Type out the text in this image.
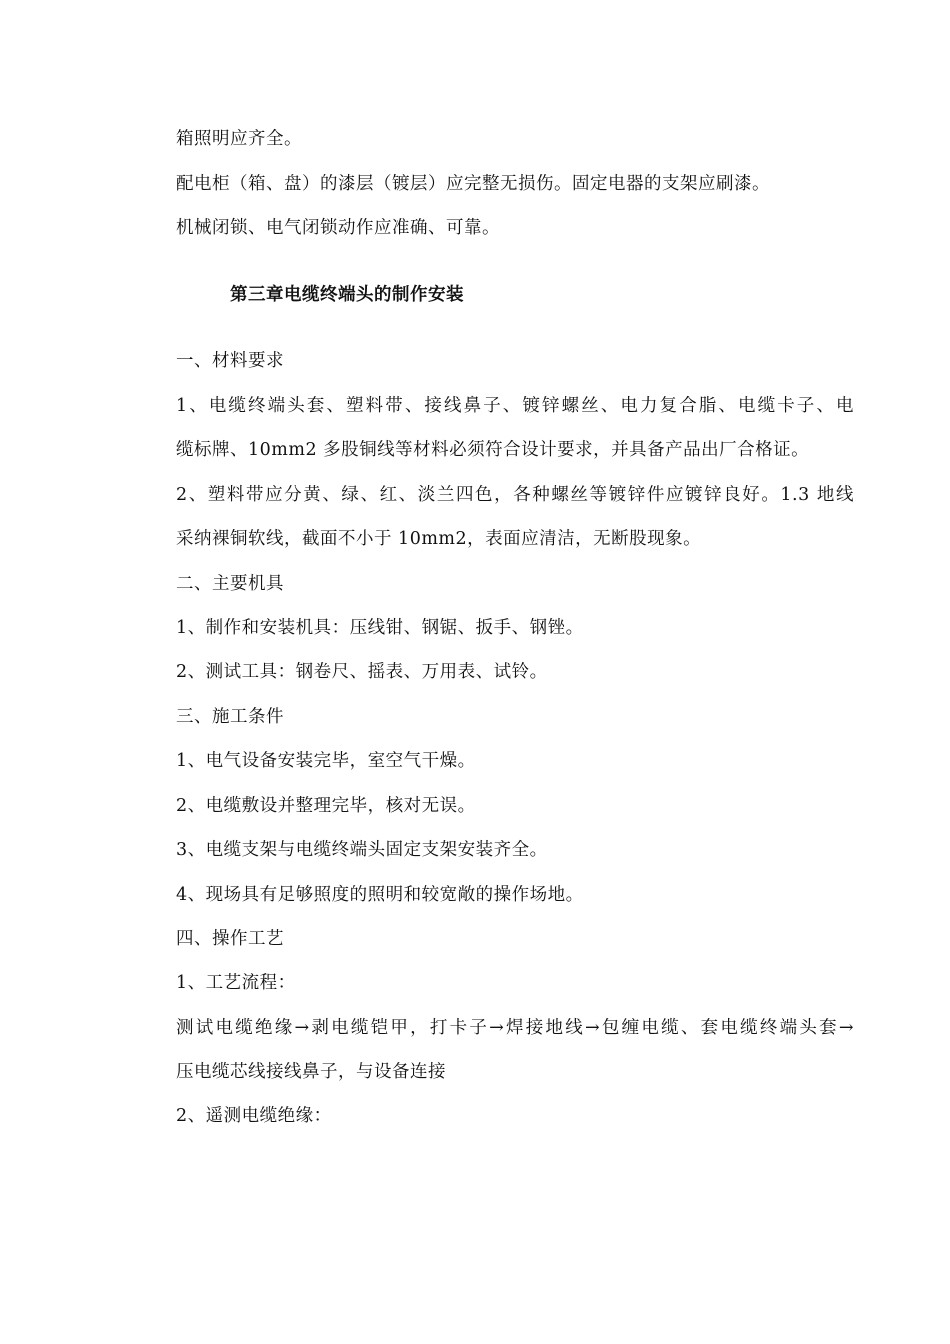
箱照明应齐全。
配电柜（箱、盘）的漆层（镀层）应完整无损伤。固定电器的支架应刷漆。
机械闭锁、电气闭锁动作应准确、可靠。
第三章电缆终端头的制作安装
一、材料要求
1、电缆终端头套、塑料带、接线鼻子、镀锌螺丝、电力复合脂、电缆卡子、电
缆标牌、10mm2 多股铜线等材料必须符合设计要求，并具备产品出厂合格证。
2、塑料带应分黄、绿、红、淡兰四色，各种螺丝等镀锌件应镀锌良好。1.3 地线
采纳裸铜软线，截面不小于 10mm2，表面应清洁，无断股现象。
二、主要机具
1、制作和安装机具：压线钳、钢锯、扳手、钢锉。
2、测试工具：钢卷尺、摇表、万用表、试铃。
三、施工条件
1、电气设备安装完毕，室空气干燥。
2、电缆敷设并整理完毕，核对无误。
3、电缆支架与电缆终端头固定支架安装齐全。
4、现场具有足够照度的照明和较宽敞的操作场地。
四、操作工艺
1、工艺流程：
测试电缆绝缘→剥电缆铠甲，打卡子→焊接地线→包缠电缆、套电缆终端头套→
压电缆芯线接线鼻子，与设备连接
2、遥测电缆绝缘：
